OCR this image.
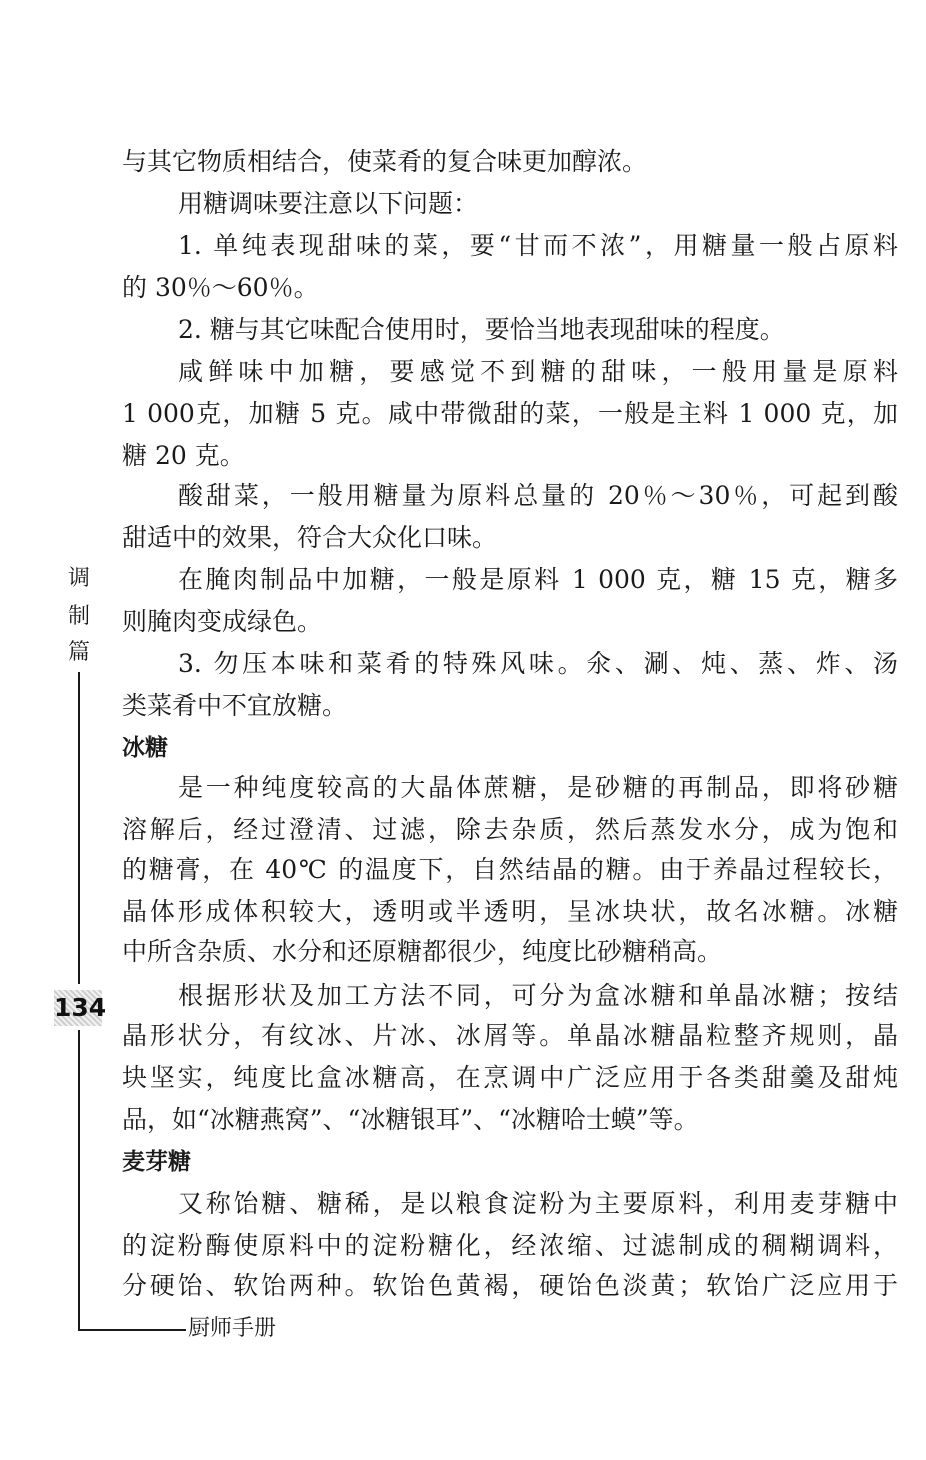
调
制
篇
134
厨师手册
与其它物质相结合，使菜肴的复合味更加醇浓。
用糖调味要注意以下问题：
1. 单纯表现甜味的菜，要“甘而不浓”，用糖量一般占原料
的 30％～60％。
2. 糖与其它味配合使用时，要恰当地表现甜味的程度。
咸鲜味中加糖，要感觉不到糖的甜味，一般用量是原料
1 000克，加糖 5 克。咸中带微甜的菜，一般是主料 1 000 克，加
糖 20 克。
酸甜菜，一般用糖量为原料总量的 20％～30％，可起到酸
甜适中的效果，符合大众化口味。
在腌肉制品中加糖，一般是原料 1 000 克，糖 15 克，糖多
则腌肉变成绿色。
3. 勿压本味和菜肴的特殊风味。氽、涮、炖、蒸、炸、汤
类菜肴中不宜放糖。
冰糖
是一种纯度较高的大晶体蔗糖，是砂糖的再制品，即将砂糖
溶解后，经过澄清、过滤，除去杂质，然后蒸发水分，成为饱和
的糖膏，在 40℃ 的温度下，自然结晶的糖。由于养晶过程较长，
晶体形成体积较大，透明或半透明，呈冰块状，故名冰糖。冰糖
中所含杂质、水分和还原糖都很少，纯度比砂糖稍高。
根据形状及加工方法不同，可分为盒冰糖和单晶冰糖；按结
晶形状分，有纹冰、片冰、冰屑等。单晶冰糖晶粒整齐规则，晶
块坚实，纯度比盒冰糖高，在烹调中广泛应用于各类甜羹及甜炖
品，如“冰糖燕窝”、“冰糖银耳”、“冰糖哈士蟆”等。
麦芽糖
又称饴糖、糖稀，是以粮食淀粉为主要原料，利用麦芽糖中
的淀粉酶使原料中的淀粉糖化，经浓缩、过滤制成的稠糊调料，
分硬饴、软饴两种。软饴色黄褐，硬饴色淡黄；软饴广泛应用于
